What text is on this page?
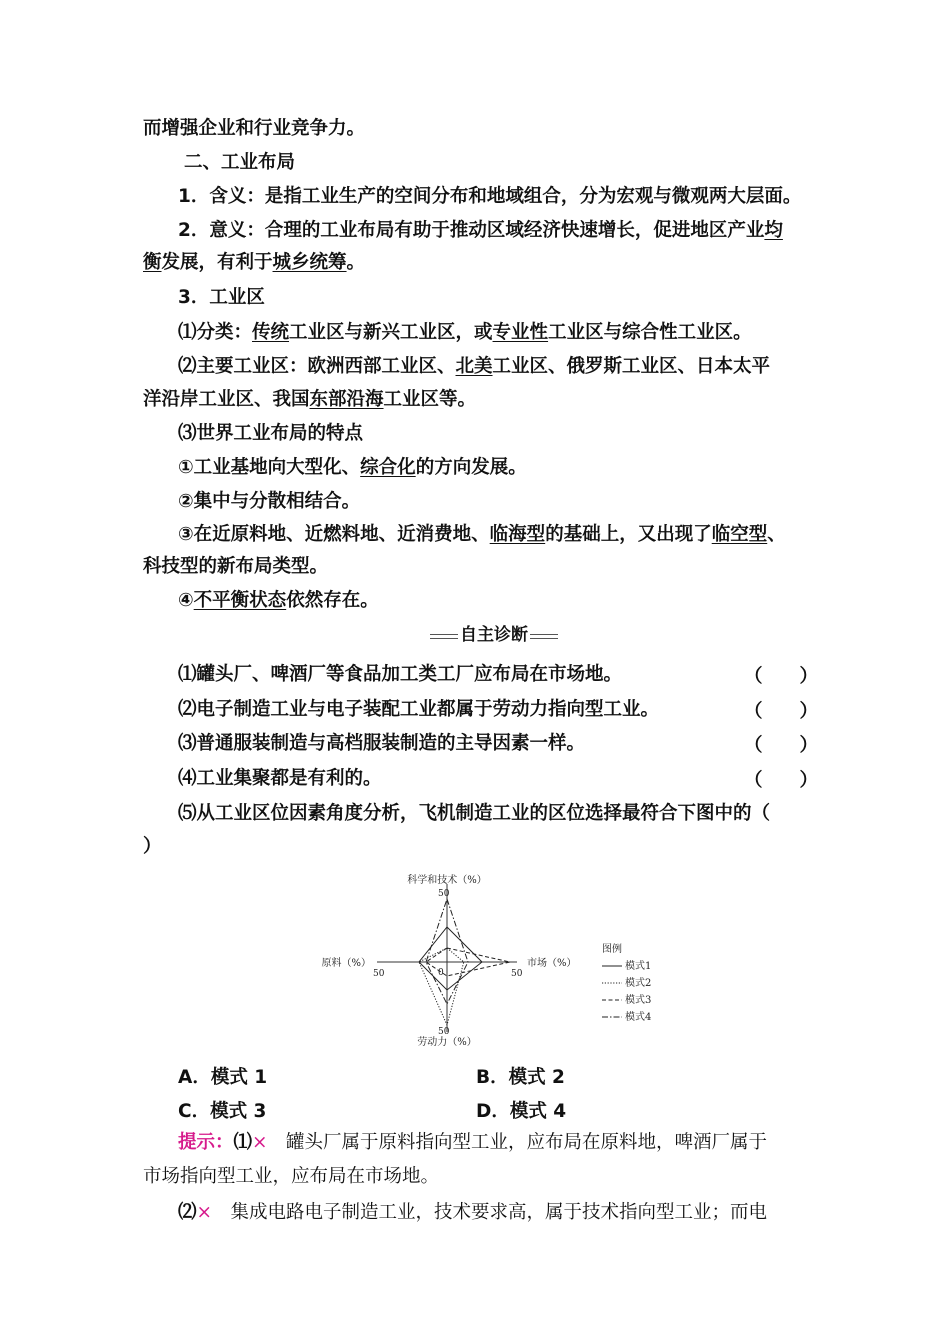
而增强企业和行业竞争力。
二、工业布局
1．含义：是指工业生产的空间分布和地域组合，分为宏观与微观两大层面。
2．意义：合理的工业布局有助于推动区域经济快速增长，促进地区产业均
衡发展，有利于城乡统筹。
3．工业区
⑴分类：传统工业区与新兴工业区，或专业性工业区与综合性工业区。
⑵主要工业区：欧洲西部工业区、北美工业区、俄罗斯工业区、日本太平
洋沿岸工业区、我国东部沿海工业区等。
⑶世界工业布局的特点
①工业基地向大型化、综合化的方向发展。
②集中与分散相结合。
③在近原料地、近燃料地、近消费地、临海型的基础上，又出现了临空型、
科技型的新布局类型。
④不平衡状态依然存在。
自主诊断
⑴罐头厂、啤酒厂等食品加工类工厂应布局在市场地。	（　　）
⑵电子制造工业与电子装配工业都属于劳动力指向型工业。	（　　）
⑶普通服装制造与高档服装制造的主导因素一样。	（　　）
⑷工业集聚都是有利的。	（　　）
⑸从工业区位因素角度分析，飞机制造工业的区位选择最符合下图中的（
）
50
50
50
50	0
科学和技术（%）
市场（%）
劳动力（%）
原料（%）
图例
模式1
模式2
模式3
模式4
A．模式 1	B．模式 2
C．模式 3	D．模式 4
提示：⑴×　罐头厂属于原料指向型工业，应布局在原料地，啤酒厂属于
市场指向型工业，应布局在市场地。
⑵×　集成电路电子制造工业，技术要求高，属于技术指向型工业；而电
